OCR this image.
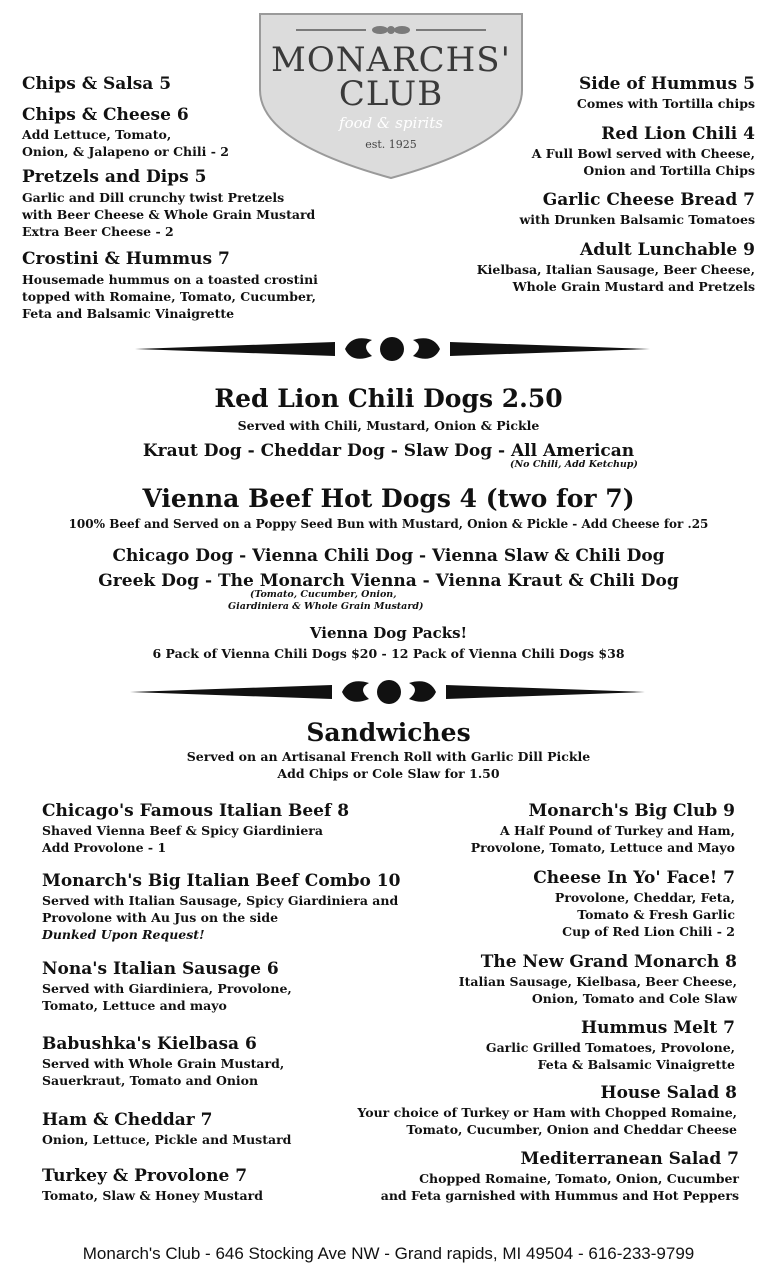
MONARCHS'
CLUB
food & spirits
est. 1925
Chips & Salsa 5
Chips & Cheese 6
Add Lettuce, Tomato,
Onion, & Jalapeno or Chili - 2
Pretzels and Dips 5
Garlic and Dill crunchy twist Pretzels
with Beer Cheese & Whole Grain Mustard
Extra Beer Cheese - 2
Crostini & Hummus 7
Housemade hummus on a toasted crostini
topped with Romaine, Tomato, Cucumber,
Feta and Balsamic Vinaigrette
Side of Hummus 5
Comes with Tortilla chips
Red Lion Chili 4
A Full Bowl served with Cheese,
Onion and Tortilla Chips
Garlic Cheese Bread 7
with Drunken Balsamic Tomatoes
Adult Lunchable 9
Kielbasa, Italian Sausage, Beer Cheese,
Whole Grain Mustard and Pretzels
Red Lion Chili Dogs 2.50
Served with Chili, Mustard, Onion & Pickle
Kraut Dog - Cheddar Dog - Slaw Dog - All American
(No Chili, Add Ketchup)
Vienna Beef Hot Dogs 4 (two for 7)
100% Beef and Served on a Poppy Seed Bun with Mustard, Onion & Pickle - Add Cheese for .25
Chicago Dog - Vienna Chili Dog - Vienna Slaw & Chili Dog
Greek Dog - The Monarch Vienna - Vienna Kraut & Chili Dog
(Tomato, Cucumber, Onion,
Giardiniera & Whole Grain Mustard)
Vienna Dog Packs!
6 Pack of Vienna Chili Dogs $20 - 12 Pack of Vienna Chili Dogs $38
Sandwiches
Served on an Artisanal French Roll with Garlic Dill Pickle
Add Chips or Cole Slaw for 1.50
Chicago's Famous Italian Beef 8
Shaved Vienna Beef & Spicy Giardiniera
Add Provolone - 1
Monarch's Big Italian Beef Combo 10
Served with Italian Sausage, Spicy Giardiniera and
Provolone with Au Jus on the side
Dunked Upon Request!
Nona's Italian Sausage 6
Served with Giardiniera, Provolone,
Tomato, Lettuce and mayo
Babushka's Kielbasa 6
Served with Whole Grain Mustard,
Sauerkraut, Tomato and Onion
Ham & Cheddar 7
Onion, Lettuce, Pickle and Mustard
Turkey & Provolone 7
Tomato, Slaw & Honey Mustard
Monarch's Big Club 9
A Half Pound of Turkey and Ham,
Provolone, Tomato, Lettuce and Mayo
Cheese In Yo' Face! 7
Provolone, Cheddar, Feta,
Tomato & Fresh Garlic
Cup of Red Lion Chili - 2
The New Grand Monarch 8
Italian Sausage, Kielbasa, Beer Cheese,
Onion, Tomato and Cole Slaw
Hummus Melt 7
Garlic Grilled Tomatoes, Provolone,
Feta & Balsamic Vinaigrette
House Salad 8
Your choice of Turkey or Ham with Chopped Romaine,
Tomato, Cucumber, Onion and Cheddar Cheese
Mediterranean Salad 7
Chopped Romaine, Tomato, Onion, Cucumber
and Feta garnished with Hummus and Hot Peppers
Monarch's Club - 646 Stocking Ave NW - Grand rapids, MI 49504 - 616-233-9799
